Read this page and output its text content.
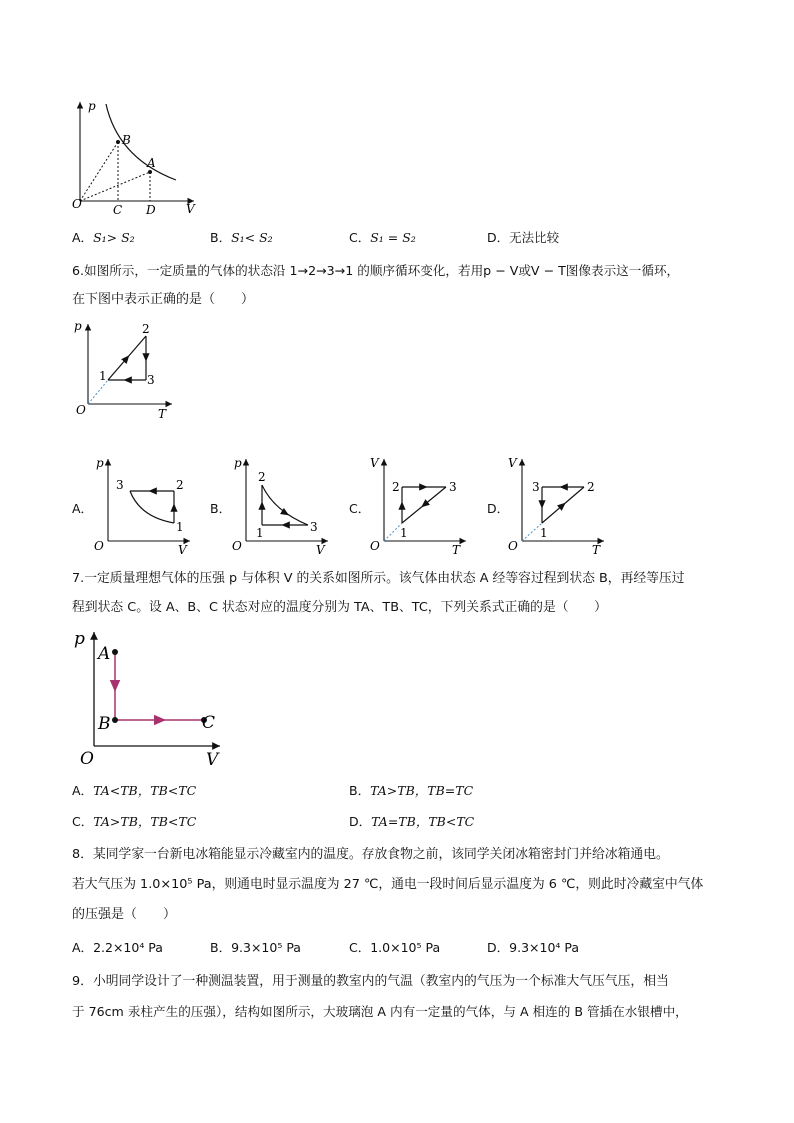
p
V
O
B
A
C D
A．S₁> S₂	B．S₁< S₂	C．S₁ = S₂	D．无法比较
6.如图所示，一定质量的气体的状态沿 1→2→3→1 的顺序循环变化，若用p − V或V − T图像表示这一循环，
在下图中表示正确的是（　　）
p
T
O
1
2
3
A．
p
V
O
3	2
1
B．
p
V
O
2
1	3
C．
V
T
O
2	3
1
D．
V
T
O
3	2
1
7.一定质量理想气体的压强 p 与体积 V 的关系如图所示。该气体由状态 A 经等容过程到状态 B，再经等压过
程到状态 C。设 A、B、C 状态对应的温度分别为 TA、TB、TC，下列关系式正确的是（　　）
p
V
O
A
B	C
A．TA<TB，TB<TC	B．TA>TB，TB=TC
C．TA>TB，TB<TC	D．TA=TB，TB<TC
8．某同学家一台新电冰箱能显示冷藏室内的温度。存放食物之前，该同学关闭冰箱密封门并给冰箱通电。
若大气压为 1.0×10⁵ Pa，则通电时显示温度为 27 ℃，通电一段时间后显示温度为 6 ℃，则此时冷藏室中气体
的压强是（　　）
A．2.2×10⁴ Pa	B．9.3×10⁵ Pa	C．1.0×10⁵ Pa	D．9.3×10⁴ Pa
9．小明同学设计了一种测温装置，用于测量的教室内的气温（教室内的气压为一个标准大气压气压，相当
于 76cm 汞柱产生的压强），结构如图所示，大玻璃泡 A 内有一定量的气体，与 A 相连的 B 管插在水银槽中，
